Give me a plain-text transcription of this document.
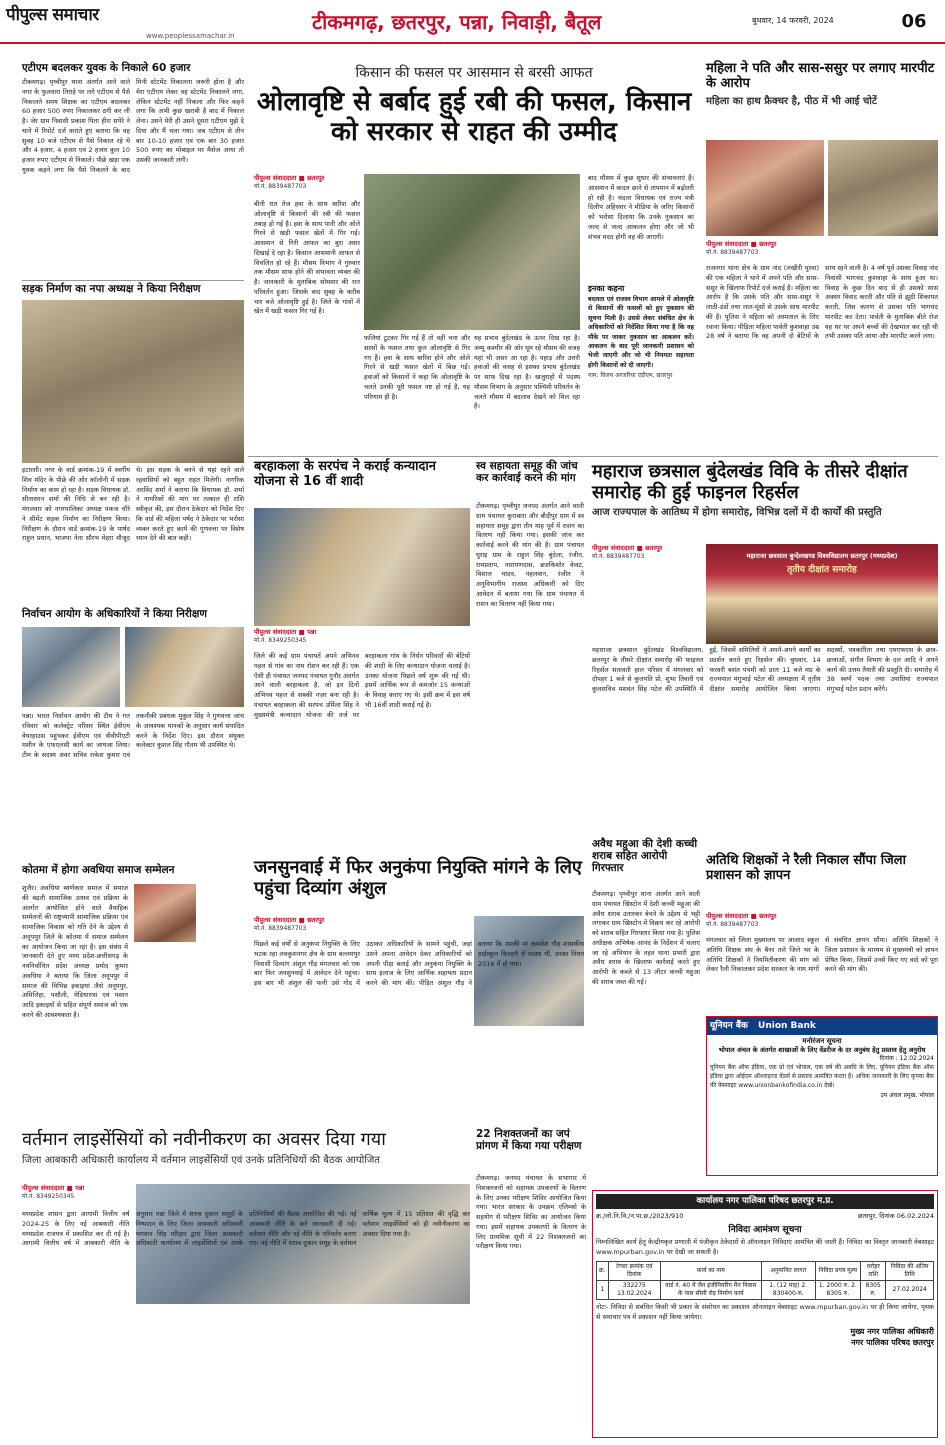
पीपुल्स समाचार
www.peoplessamachar.in
टीकमगढ़, छतरपुर, पन्ना, निवाड़ी, बैतूल	बुधवार, 14 फरवरी, 2024	06
एटीएम बदलकर युवक के निकाले 60 हजार

टीकमगढ़। पृथ्वीपुर थाना अंतर्गत आने वाले नगर के फुलवारा तिराहे पर लगे एटीएम से पैसे निकालते समय शिक्षक का एटीएम बदलकर 60 हजार 500 रुपए निकालकर ठगी कर ली है। जेर ग्राम निवासी प्रकाश पिता हीरा सपेरे ने थाने में रिपोर्ट दर्ज कराते हुए बताया कि वह सुबह 10 बजे एटीएम से पैसे निकाल रहे थे और 4 हजार, 4 हजार एवं 2 हजार कुल 10 हजार रुपए एटीएम से निकाले। पीछे खड़ा एक युवक कहने लगा कि पैसे निकलने के बाद मिनी स्टेटमेंट निकालना जरूरी होता है और मेरा एटीएम लेकर वह स्टेटमेंट निकालने लगा, लेकिन स्टेटमेंट नहीं निकला और फिर कहने लगा कि अभी कुछ खराबी है बाद में निकाल लेना। उसने मेरी ही उसने दूसरा एटीएम मुझे दे दिया और मैं चला गया। जब एटीएम से तीन बार 10-10 हजार एवं एक बार 30 हजार 500 रुपए का मोबाइल पर मैसेज आया तो उसकी जानकारी लगी।

सड़क निर्माण का नपा अध्यक्ष ने किया निरीक्षण

इटारसी। नगर के वार्ड क्रमांक-19 में स्वर्गीय शिव मंदिर के पीछे की ओर कॉलोनी में सड़क निर्माण का काम हो रहा है। सड़क विधायक डॉ. सीतासरन शर्मा की निधि से बन रही है। मंगलवार को नगरपालिका अध्यक्ष पंकज चौरे ने सीमेंट सड़क निर्माण का निरीक्षण किया। निरीक्षण के दौरान वार्ड क्रमांक-19 के पार्षद राहुल प्रधान, भाजपा नेता सौरभ मेहरा मौजूद थे। इस सड़क के बनने से यहां रहने वाले रहवासियों को बहुत राहत मिलेगी। नागरिक अरविंद शर्मा ने बताया कि विधायक डॉ. शर्मा ने नागरिकों की मांग पर तत्काल ही राशि स्वीकृत की, इस दौरान ठेकेदार को निर्देश दिए कि वार्ड की महिला पर्षद ने ठेकेदार पर भरोसा व्यक्त करते हुए कार्य की गुणवत्ता पर विशेष ध्यान देने की बात कही।

निर्वाचन आयोग के अधिकारियों ने किया निरीक्षण

पन्ना। भारत निर्वाचन आयोग की टीम ने गत रविवार को कलेक्ट्रेट परिसर स्थित ईवीएम वेयरहाउस पहुंचकर ईवीएम एवं वीवीपीएटी मशीन के एफएलसी कार्य का जायजा लिया। टीम के सदस्य अवर सचिव राकेश कुमार एवं तकनीकी प्रबंधक मुकुल सिंह ने गुणवत्ता जांच के आवश्यक मानकों के अनुसार कार्य संपादित करने के निर्देश दिए। इस दौरान संयुक्त कलेक्टर कुशल सिंह गौतम भी उपस्थित थे।

कोतमा में होगा अवधिया समाज सम्मेलन

शुजैर। अवधिया स्वर्णकार समाज में समाज की बढ़ती सामाजिक उत्सव एवं प्रक्रिया के अंतर्गत आयोजित होने वाले वैवाहिक सम्मेलनों की राष्ट्रव्यापी सामाजिक प्रक्रिया एवं सामाजिक विकास को गति देने के उद्देश्य से अनूपपुर जिले के कोतमा में समाज सम्मेलन का आयोजन किया जा रहा है। इस संबंध में जानकारी देते हुए मध्य प्रदेश-छत्तीसगढ़ के नवनिर्वाचित प्रदेश अध्यक्ष प्रमोद कुमार अवधिया ने बताया कि जिला अनूपपुर में समाज की विभिन्न इकाइयां जैसे अनूपपुर, अमिलिहा, पसौली, मेडियारास एवं पसान आदि इकाइयों से सहित संपूर्ण समाज को एक करने की आवश्यकता है।

किसान की फसल पर आसमान से बरसी आफत
ओलावृष्टि से बर्बाद हुई रबी की फसल, किसान को सरकार से राहत की उम्मीद
पीपुल्स संवाददाता ■ छतरपुर
मो.नं. 8839487703

बीती रात तेज हवा के साथ बारिश और ओलावृष्टि से किसानों की रबी की फसल तबाह हो गई है। हवा के साथ पानी और ओले गिरने से खड़ी फसल खेतों में गिर गई। आसमान से गिरी आफत का बुरा असर दिखाई दे रहा है। किसान आसमानी आफत से विचलित हो रहे हैं। मौसम विभाग ने गुरुवार तक मौसम साफ होने की संभावना व्यक्त की है। जानकारी के मुताबिक सोमवार की रात परिवर्तन हुआ। जिसके बाद सुबह के करीब चार बजे ओलावृष्टि हुई है। जिले के गांवों में खेत में खड़ी फसल गिर गई है।

फलियां टूटकर गिर गई हैं तो वहीं चना और सरसों के फसल तथा कुल ओलावृष्टि से गिर गए हैं। हवा के साथ बारिश होने और ओले गिरने से खड़ी फसल खेतों में बिछ गई। हवाओं को किसानों ने कहा कि ओलावृष्टि के चलते उनकी पूरी फसल नष्ट हो गई है, यह परिणाम ही है।

यह प्रभाव बुंदेलखंड के ऊपर दिख रहा है। जम्मू कश्मीर की ओर घूम रहे मौसम की वजह यहां भी असर आ रहा है। पहाड़ और उत्तरी हवाओं की वजह से इसका प्रभाव बुंदेलखंड पर साफ दिख रहा है। खजुराहो में पदस्थ मौसम विभाग के अनुसार पश्चिमी परिवर्तन के चलते मौसम में बदलाव देखने को मिल रहा है।

बाद मौसम में कुछ सुधार की संभावनाएं हैं। आसमान में बादल छाने से तापमान में बढ़ोतरी हो रही है। चंदला विधायक एवं राज्य मंत्री दिलीप अहिरवार ने मीडिया के जरिए किसानों को भरोसा दिलाया कि उनके नुकसान का जल्द से जल्द आकलन होगा और जो भी संभव मदद होगी वह की जाएगी।

इनका कहना

बदलता एवं राजस्व विभाग आमले में ओलावृष्टि से किसानों की फसलों को हुए नुकसान की सूचना मिली है। उससे लेकर संबंधित क्षेत्र के अधिकारियों को निर्देशित किया गया है कि वह मौके पर जाकर नुकसान का आकलन करें। आकलन के बाद पूरी जानकारी प्रशासन को भेजी जाएगी और जो भी नियमतः सहायता होगी किसानों को दी जाएगी।

नाम: विजय अरजरिया एडीएम, छतरपुर
महिला ने पति और सास-ससुर पर लगाए मारपीट के आरोप
महिला का हाथ फ्रैक्चर है, पीठ में भी आई चोटें
पीपुल्स संवाददाता ■ छतरपुर
मो.नं. 8839487703

राजनगर थाना क्षेत्र के ग्राम नांद (लखीरी पुरवा) की एक महिला ने थाने में अपने पति और सास-ससुर के खिलाफ रिपोर्ट दर्ज कराई है। महिला का आरोप है कि उसके पति और सास-ससुर ने लाठी-डंडों तथा लात-घूंसों से उसके साथ मारपीट की है। पुलिस ने महिला को अस्पताल के लिए रवाना किया। पीड़िता महिला पार्वती कुशवाहा उम्र 28 वर्ष ने बताया कि वह अपनी दो बेटियों के साथ रहने वाली है। 4 वर्ष पूर्व उसका विवाह नांद निवासी भागचंद कुशवाहा के साथ हुआ था। विवाह के कुछ दिन बाद से ही उसको सास अक्सर विवाद करती और पति से झूठी शिकायत करती, जिस कारण से उसका पति भागचंद मारपीट कर देता। पार्वती के मुताबिक बीते रोज वह घर पर अपने बच्चों की देखभाल कर रही थी तभी उसका पति आया और मारपीट करने लगा।

बरहाकला के सरपंच ने कराई कन्यादान योजना से 16 वीं शादी
पीपुल्स संवाददाता ■ पन्ना
मो.नं. 8349250345

जिले की कई ग्राम पंचायतें अपने अभिनव पहल से गांव का नाम रोशन कर रही हैं। एक ऐसी ही पंचायत जनपद पंचायत गुनौर अंतर्गत आने वाली बरहाकला है, जो इन दिनों अभिनव पहल से सबकी नज़र बना रही है। पंचायत बरहाकला की सरपंच उर्मिला सिंह ने मुख्यमंत्री कन्यादान योजना की तर्ज पर बरहाकला गांव के निर्धन परिवारों की बेटियों की शादी के लिए कन्यादान योजना चलाई है। उनका योजना पिछले वर्ष शुरू की गई थी। इसमें आर्थिक रूप से कमजोर 15 कन्याओं के विवाह कराए गए थे। इसी क्रम में इस वर्ष भी 16वीं शादी कराई गई है।

स्व सहायता समूह की जांच कर कार्रवाई करने की मांग

टीकमगढ़। पृथ्वीपुर जनपद अंतर्गत आने वाली ग्राम पंचायत कुराबारा और बौदीपुर ग्राम में स्व सहायता समूह द्वारा तीन माह पूर्व में राशन का वितरण नहीं किया गया। इसकी जांच कर कार्रवाई करने की मांग की है। ग्राम पंचायत घुराइ ग्राम के राहुल सिंह बुंदेला, रंजीत, रामप्रताप, नारायणदास, ब्रजकिशोर केवट, विशाल यादव, पहलवान, रंजीत ने अनुविभागीय राजस्व अधिकारी को दिए आवेदन में बताया गया कि ग्राम पंचायत में राशन का वितरण नहीं किया गया।

महाराज छत्रसाल बुंदेलखंड विवि के तीसरे दीक्षांत समारोह की हुई फाइनल रिहर्सल
आज राज्यपाल के आतिथ्य में होगा समारोह, विभिन्न दलों में दी कार्यों की प्रस्तुति
पीपुल्स संवाददाता ■ छतरपुर
मो.नं. 8839487703	महाराजा छत्रसाल बुन्देलखण्ड विश्वविद्यालय छतरपुर (मध्यप्रदेश)
तृतीय दीक्षांत समारोह

महाराजा छत्रसाल बुंदेलखंड विश्वविद्यालय, छतरपुर के तीसरे दीक्षांत समारोह की फाइनल रिहर्सल सतावती हाल परिसर में मंगलवार को दोपहर 1 बजे से कुलपति प्रो. शुभा तिवारी एवं कुलसचिव यशवंत सिंह पटेल की उपस्थिति में हुई, जिसमें समितियों ने अपने-अपने कार्यों का प्रदर्शन करते हुए रिहर्सल की। बुधवार, 14 फरवरी बसंत पंचमी को प्रातः 11 बजे मप्र के राज्यपाल मंगुभाई पटेल की अध्यक्षता में तृतीय दीक्षांत समारोह आयोजित किया जाएगा। सदस्यों, पत्रकारिता तथा एमएफएस के छात्र-छात्राओं, संगीत विभाग के दल आदि ने अपने कार्य की उत्तम तैयारी की प्रस्तुति दी। समारोह में 38 स्वर्ण पदक तथा उपाधियां राज्यपाल मंगुभाई पटेल प्रदान करेंगे।

अतिथि शिक्षकों ने रैली निकाल सौंपा जिला प्रशासन को ज्ञापन
पीपुल्स संवाददाता ■ छतरपुर
मो.नं. 8839487703

मंगलवार को जिला मुख्यालय पर आजाद स्कूल अतिथि शिक्षक संघ के बैनर तले जिले भर के अतिथि शिक्षकों ने नियमितीकरण की मांग को लेकर रैली निकालकर प्रदेश सरकार के नाम मांगों से संबंधित ज्ञापन सौंपा। अतिथि शिक्षकों ने जिला प्रशासन के माध्यम से मुख्यमंत्री को ज्ञापन प्रेषित किया, जिसमें उनसे किए गए वादे को पूरा करने की मांग की।

जनसुनवाई में फिर अनुकंपा नियुक्ति मांगने के लिए पहुंचा दिव्यांग अंशुल
पीपुल्स संवाददाता ■ छतरपुर
मो.नं. 8839487703

पिछले कई वर्षों से अनुकंपा नियुक्ति के लिए भटक रहा लवकुशनगर क्षेत्र के ग्राम बल्लमपुर निवासी दिव्यांग अंशुल गौड़ मंगलवार को एक बार फिर जनसुनवाई में आवेदन देने पहुंचा। इस बार भी अंशुल की पत्नी उसे गोद में उठाकर अधिकारियों के सामने पहुंची, जहां उसने अपना आवेदन देकर अधिकारियों को अपनी पीड़ा बताई और अनुकंपा नियुक्ति के साथ इलाज के लिए आर्थिक सहायता प्रदान करने की मांग की। पीड़ित अंशुल गौड़ ने बताया कि उसकी मां कमलेश गौड़ शासकीय हाईस्कूल बिलहरी में पदस्थ थीं, उनका निधन 2016 में हो गया।

अवैध महुआ की देशी कच्ची शराब सहित आरोपी गिरफ्तार

टीकमगढ़। पृथ्वीपुर थाना अंतर्गत आने वाली ग्राम पंचायत खिस्टोन में देशी कच्ची महुआ की अवैध शराब उतारकर बेचने के उद्देश्य से भट्टी लगाकर ग्राम खिस्टोन में विक्रय कर रहे आरोपी को शराब सहित गिरफ्तार किया गया है। पुलिस अधीक्षक अभिषेक आनंद के निर्देशन में चलाए जा रहे अभियान के तहत थाना प्रभारी द्वारा अवैध शराब के खिलाफ कार्रवाई करते हुए आरोपी के कब्जे से 13 लीटर कच्ची महुआ की शराब जब्त की गई।

22 निशक्तजनों का जपं प्रांगण में किया गया परीक्षण

टीकमगढ़। जनपद पंचायत के सभागार में निशक्तजनों को सहायक उपकरणों के वितरण के लिए उनका परीक्षण शिविर आयोजित किया गया। भारत सरकार के उपक्रम एलिम्को के सहयोग से परीक्षण शिविर का आयोजन किया गया। इसमें सहायक उपकरणों के वितरण के लिए प्राथमिक सूची में 22 निशक्तजनों का परीक्षण किया गया।

यूनियन बैंक Union Bank
मनोरंजन सूचना
भोपाल अंचल के अंतर्गत शाखाओं के लिए वेंडरीज के दर अनुबंध हेतु प्रस्ताव हेतु अनुरोध
दिनांक : 12.02.2024

यूनियन बैंक ऑफ इंडिया, एक प्रो एवं भोपाल, एक वर्ष की अवधि के लिए, यूनियन इंडिया बैंक ऑफ इंडिया द्वारा ओईएम ऑथराइज्ड वेंडर्स से प्रस्ताव आमंत्रित करता है। अधिक जानकारी के लिए कृपया बैंक की वेबसाइट www.unionbankofindia.co.in देखें।

उप अंचल प्रमुख, भोपाल
वर्तमान लाइसेंसियों को नवीनीकरण का अवसर दिया गया
जिला आबकारी अधिकारी कार्यालय में वर्तमान लाइसेंसियों एवं उनके प्रतिनिधियों की बैठक आयोजित
पीपुल्स संवाददाता ■ पन्ना
मो.नं. 8349250345

मध्यप्रदेश शासन द्वारा आगामी वित्तीय वर्ष 2024-25 के लिए नई आबकारी नीति मध्यप्रदेश राजपत्र में प्रकाशित कर दी गई है। आगामी वित्तीय वर्ष में आबकारी नीति के अनुसार पन्ना जिले में शराब दुकान समूहों के निष्पादन के लिए जिला आबकारी अधिकारी भगवान सिंह परिहार द्वारा जिला आबकारी अधिकारी कार्यालय में लाइसेंसियों एवं उनके प्रतिनिधियों की बैठक आयोजित की गई। नई आबकारी नीति के बारे जानकारी दी गई। वर्तमान नीति और नई नीति के परिवर्तन बताए गए। नई नीति में शराब दुकान समूह के वर्तमान वार्षिक मूल्य में 15 प्रतिशत की वृद्धि कर वर्तमान लाइसेंसियों को ही नवीनीकरण का अवसर दिया गया है।

कार्यालय नगर पालिका परिषद छतरपुर म.प्र.
क्र./लो.नि.वि./न.पा.छ./2023/910	छतरपुर, दिनांक 06.02.2024
निविदा आमंत्रण सूचना

निम्नलिखित कार्य हेतु केन्द्रीयकृत प्रणाली में पंजीकृत ठेकेदारों से ऑनलाइन निविदाएं आमंत्रित की जाती हैं। निविदा का विस्तृत जानकारी वेबसाइट www.mpurban.gov.in पर देखी जा सकती है।

क्र.	टेण्डर क्रमांक एवं दिनांक	कार्य का नाम	अनुमानित लागत	निविदा प्रपत्र मूल्य	धरोहर राशि	निविदा की अंतिम तिथि
1	332275 13.02.2024	वार्ड नं. 40 में जैन इंजीनियरिंग मैन निवास के पास सीसी रोड़ निर्माण कार्य	1. (12 माह) 2. 830400-रु.	1. 2000 रु. 2. 8305 रु.	8305 रु.	27.02.2024

नोटः- निविदा से संबंधित किसी भी प्रकार के संशोधन का प्रकाशन ऑनलाइन वेबसाइट www.mpurban.gov.in पर ही किया जायेगा, पृथक से समाचार पत्र में प्रकाशन नहीं किया जायेगा।

मुख्य नगर पालिका अधिकारी
नगर पालिका परिषद छतरपुर
